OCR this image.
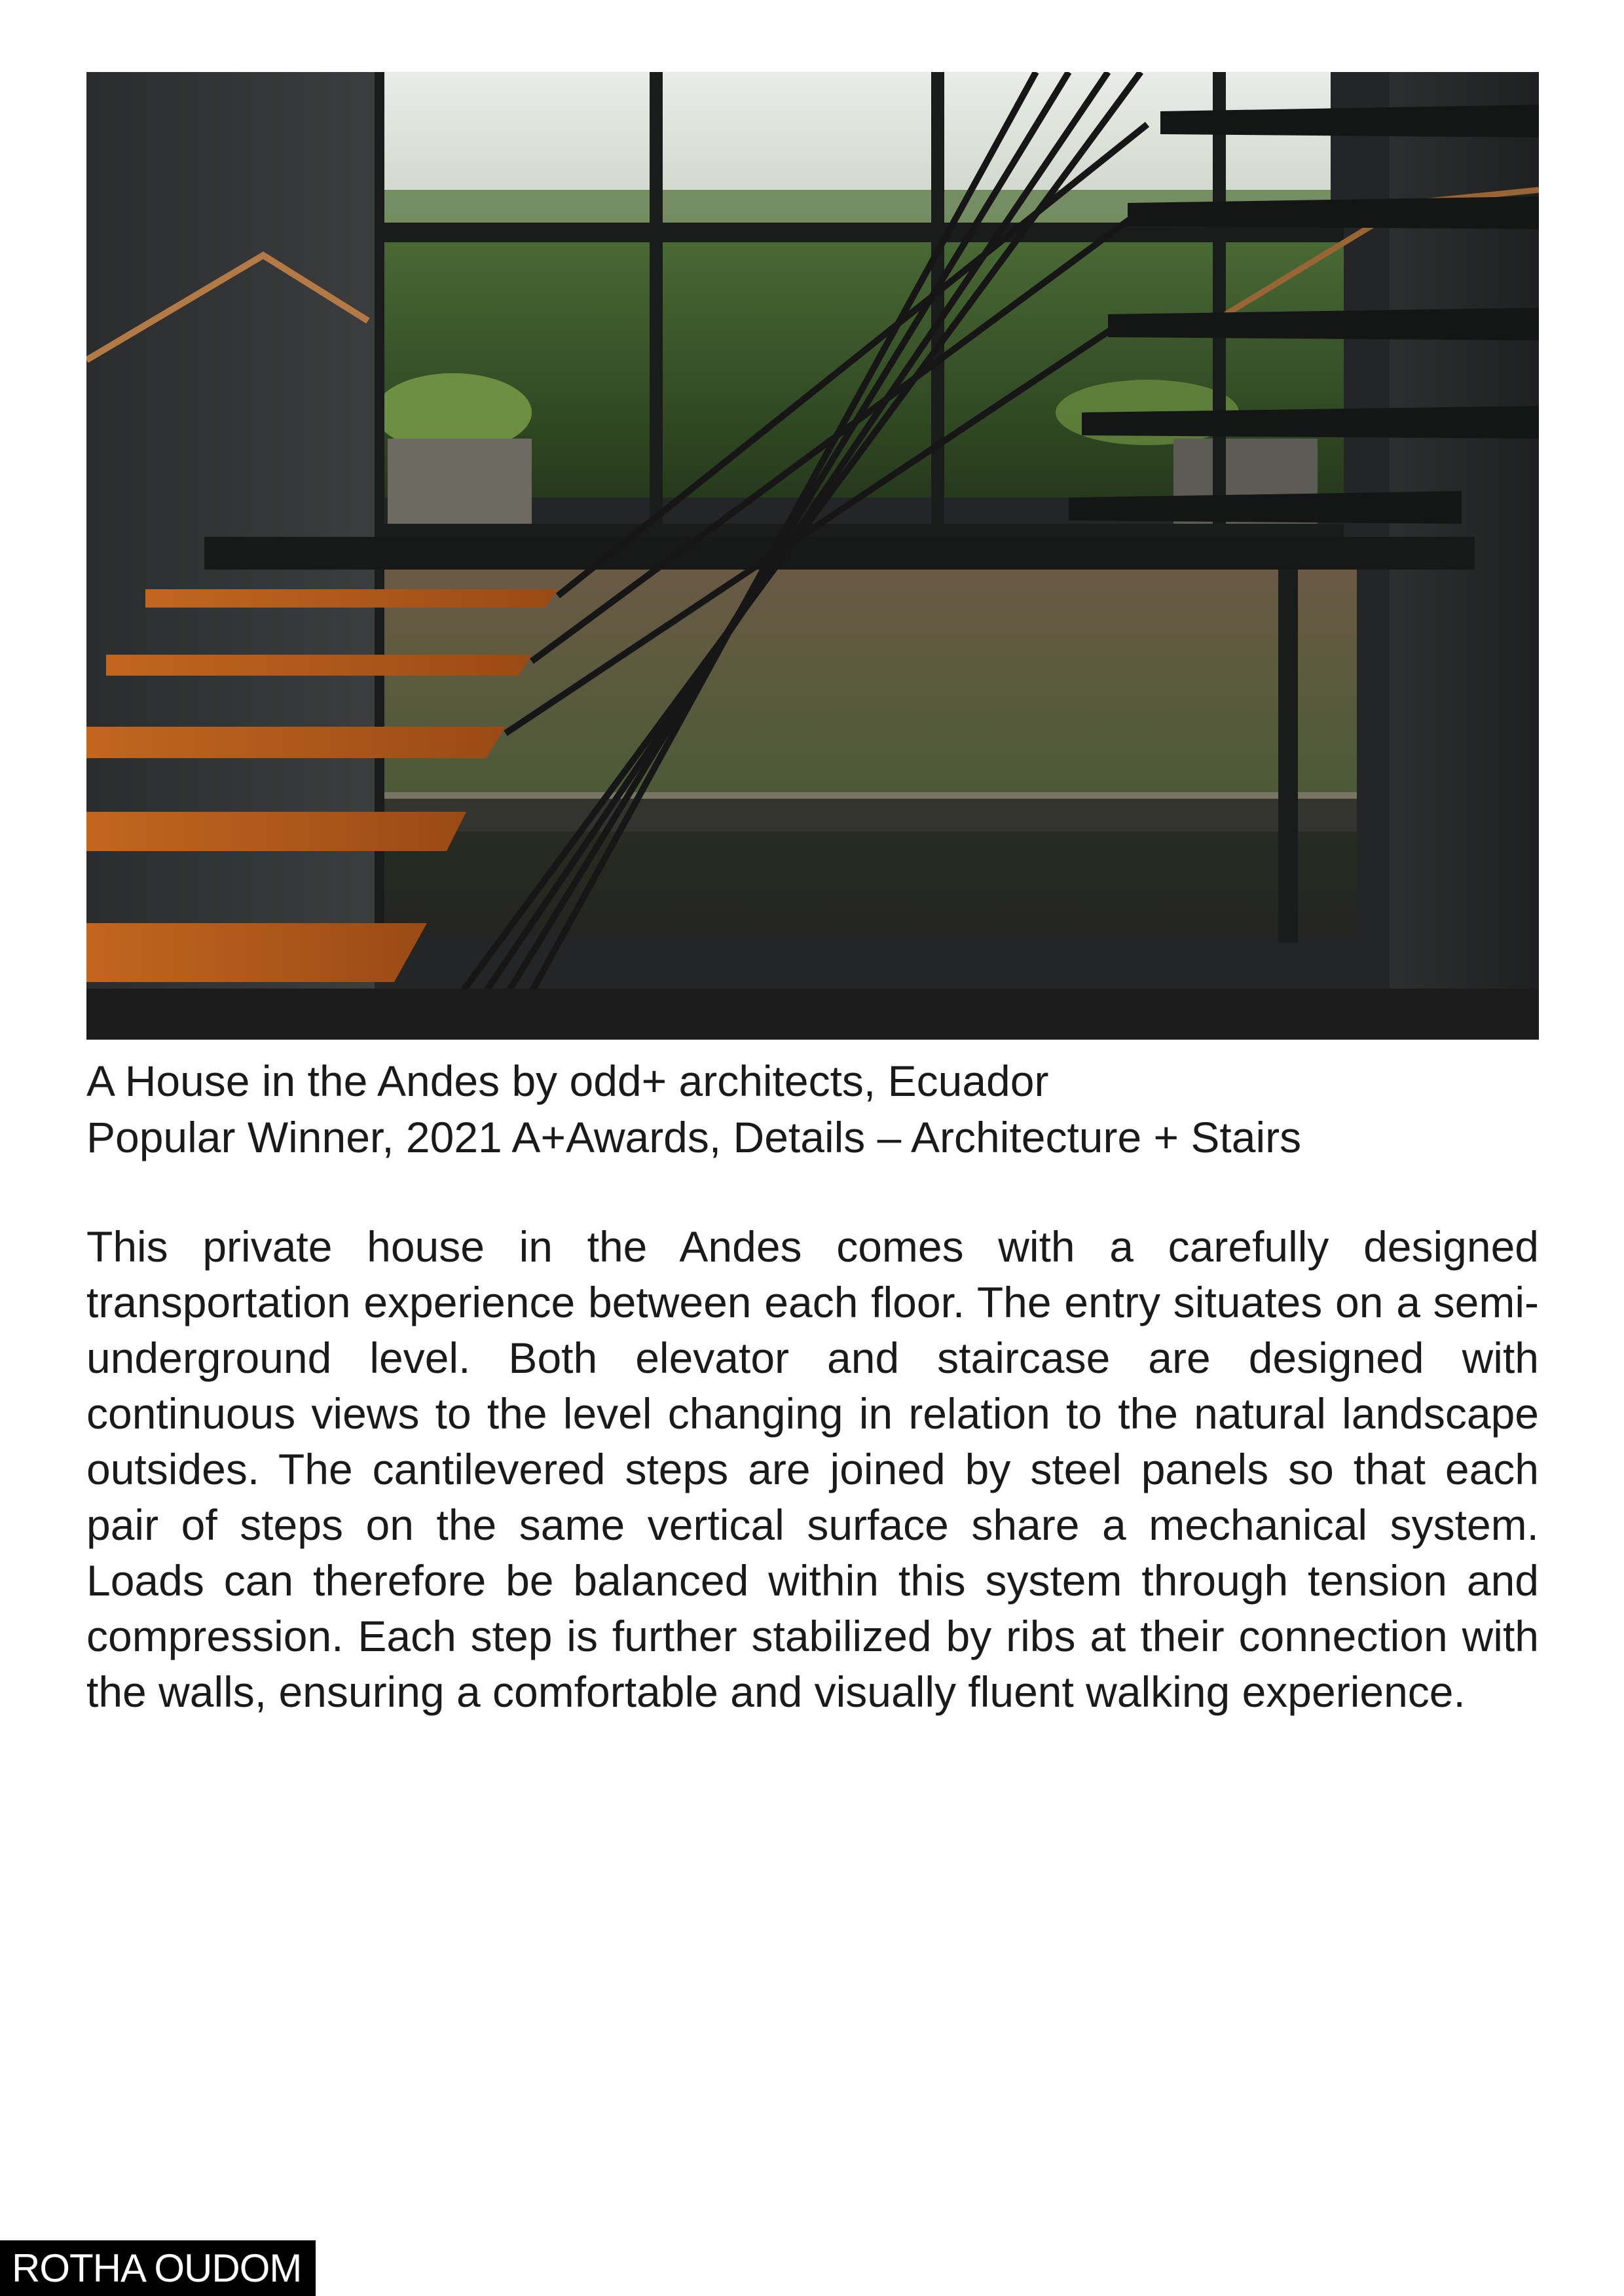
A House in the Andes by odd+ architects, Ecuador
Popular Winner, 2021 A+Awards, Details – Architecture + Stairs

This private house in the Andes comes with a carefully designed transportation experience between each floor. The entry situates on a semi-underground level. Both elevator and staircase are designed with continuous views to the level changing in relation to the natural landscape outsides. The cantilevered steps are joined by steel panels so that each pair of steps on the same vertical surface share a mechanical system. Loads can therefore be balanced within this system through tension and compression. Each step is further stabilized by ribs at their connection with the walls, ensuring a comfortable and visually fluent walking experience.

ROTHA OUDOM
